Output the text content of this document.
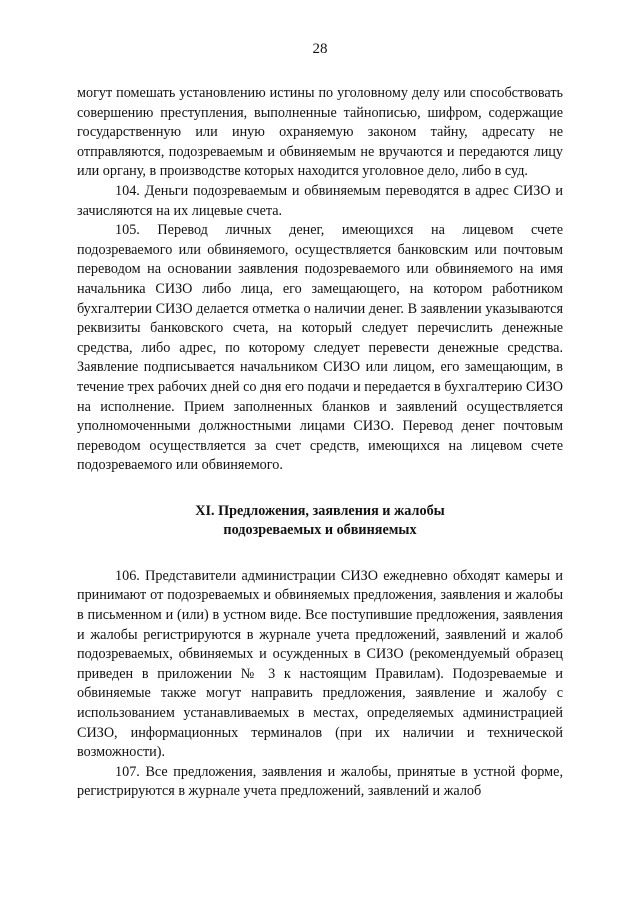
28

могут помешать установлению истины по уголовному делу или способствовать совершению преступления, выполненные тайнописью, шифром, содержащие государственную или иную охраняемую законом тайну, адресату не отправляются, подозреваемым и обвиняемым не вручаются и передаются лицу или органу, в производстве которых находится уголовное дело, либо в суд.

104. Деньги подозреваемым и обвиняемым переводятся в адрес СИЗО и зачисляются на их лицевые счета.

105. Перевод личных денег, имеющихся на лицевом счете подозреваемого или обвиняемого, осуществляется банковским или почтовым переводом на основании заявления подозреваемого или обвиняемого на имя начальника СИЗО либо лица, его замещающего, на котором работником бухгалтерии СИЗО делается отметка о наличии денег. В заявлении указываются реквизиты банковского счета, на который следует перечислить денежные средства, либо адрес, по которому следует перевести денежные средства. Заявление подписывается начальником СИЗО или лицом, его замещающим, в течение трех рабочих дней со дня его подачи и передается в бухгалтерию СИЗО на исполнение. Прием заполненных бланков и заявлений осуществляется уполномоченными должностными лицами СИЗО. Перевод денег почтовым переводом осуществляется за счет средств, имеющихся на лицевом счете подозреваемого или обвиняемого.

XI. Предложения, заявления и жалобы

подозреваемых и обвиняемых

106. Представители администрации СИЗО ежедневно обходят камеры и принимают от подозреваемых и обвиняемых предложения, заявления и жалобы в письменном и (или) в устном виде. Все поступившие предложения, заявления и жалобы регистрируются в журнале учета предложений, заявлений и жалоб подозреваемых, обвиняемых и осужденных в СИЗО (рекомендуемый образец приведен в приложении № 3 к настоящим Правилам). Подозреваемые и обвиняемые также могут направить предложения, заявление и жалобу с использованием устанавливаемых в местах, определяемых администрацией СИЗО, информационных терминалов (при их наличии и технической возможности).

107. Все предложения, заявления и жалобы, принятые в устной форме, регистрируются в журнале учета предложений, заявлений и жалоб
